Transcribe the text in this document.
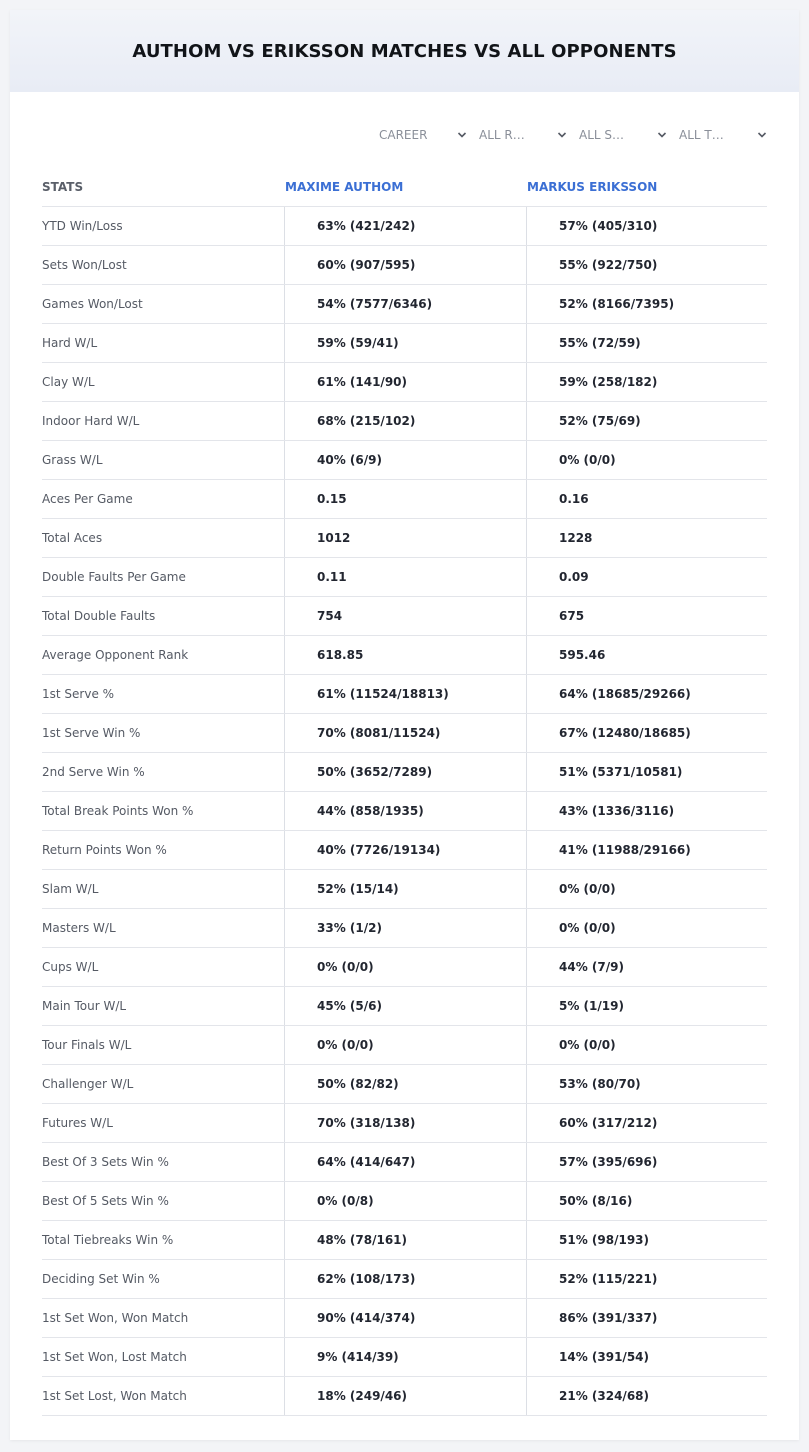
AUTHOM VS ERIKSSON MATCHES VS ALL OPPONENTS
CAREER	ALL R…	ALL S…	ALL T…
STATS	MAXIME AUTHOM	MARKUS ERIKSSON
YTD Win/Loss	63% (421/242)	57% (405/310)
Sets Won/Lost	60% (907/595)	55% (922/750)
Games Won/Lost	54% (7577/6346)	52% (8166/7395)
Hard W/L	59% (59/41)	55% (72/59)
Clay W/L	61% (141/90)	59% (258/182)
Indoor Hard W/L	68% (215/102)	52% (75/69)
Grass W/L	40% (6/9)	0% (0/0)
Aces Per Game	0.15	0.16
Total Aces	1012	1228
Double Faults Per Game	0.11	0.09
Total Double Faults	754	675
Average Opponent Rank	618.85	595.46
1st Serve %	61% (11524/18813)	64% (18685/29266)
1st Serve Win %	70% (8081/11524)	67% (12480/18685)
2nd Serve Win %	50% (3652/7289)	51% (5371/10581)
Total Break Points Won %	44% (858/1935)	43% (1336/3116)
Return Points Won %	40% (7726/19134)	41% (11988/29166)
Slam W/L	52% (15/14)	0% (0/0)
Masters W/L	33% (1/2)	0% (0/0)
Cups W/L	0% (0/0)	44% (7/9)
Main Tour W/L	45% (5/6)	5% (1/19)
Tour Finals W/L	0% (0/0)	0% (0/0)
Challenger W/L	50% (82/82)	53% (80/70)
Futures W/L	70% (318/138)	60% (317/212)
Best Of 3 Sets Win %	64% (414/647)	57% (395/696)
Best Of 5 Sets Win %	0% (0/8)	50% (8/16)
Total Tiebreaks Win %	48% (78/161)	51% (98/193)
Deciding Set Win %	62% (108/173)	52% (115/221)
1st Set Won, Won Match	90% (414/374)	86% (391/337)
1st Set Won, Lost Match	9% (414/39)	14% (391/54)
1st Set Lost, Won Match	18% (249/46)	21% (324/68)
